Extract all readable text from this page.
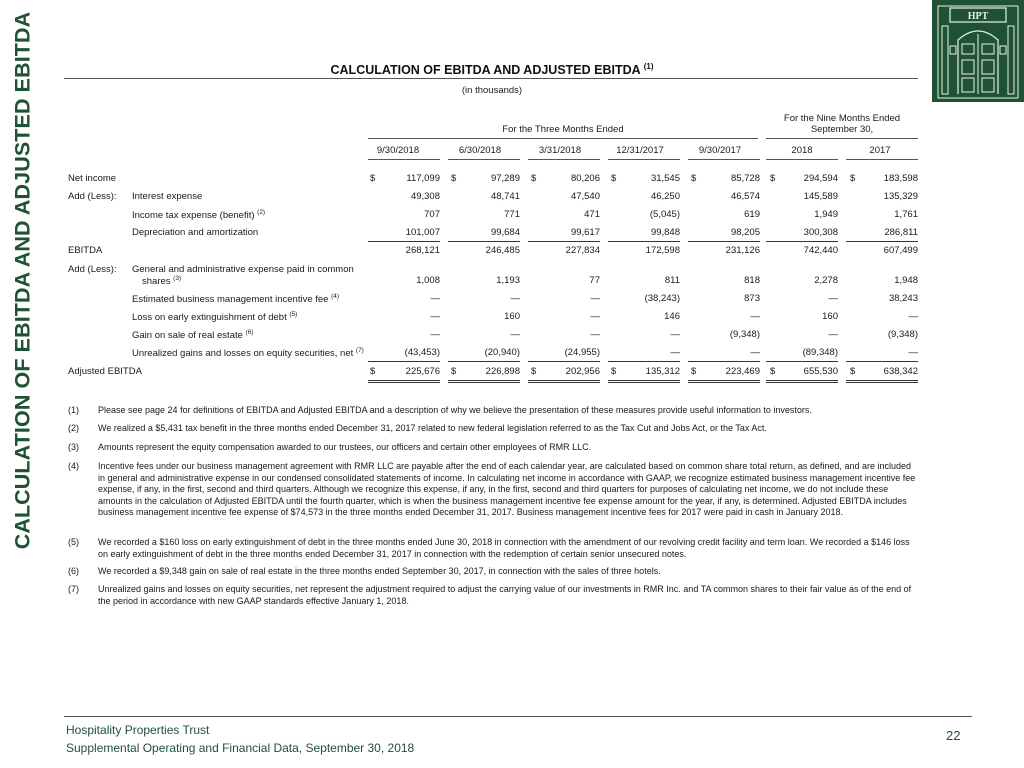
CALCULATION OF EBITDA AND ADJUSTED EBITDA	HPT
CALCULATION OF EBITDA AND ADJUSTED EBITDA $^{(1)}$
(in thousands)
For the Three Months Ended
For the Nine Months Ended
September 30,
9/30/2018	6/30/2018	3/31/2018	12/31/2017	9/30/2017	2018	2017
Net income	$	117,099 $	97,289 $	80,206 $	31,545 $	85,728 $	294,594 $	183,598
Add (Less): Interest expense	49,308	48,741	47,540	46,250	46,574	145,589	135,329
Income tax expense (benefit) $^{(2)}$	707	771	471	(5,045)	619	1,949	1,761
Depreciation and amortization	101,007	99,684	99,617	99,848	98,205	300,308	286,811
EBITDA	268,121	246,485	227,834	172,598	231,126	742,440	607,499
Add (Less): General and administrative expense paid in common
shares $^{(3)}$	1,008	1,193	77	811	818	2,278	1,948
Estimated business management incentive fee $^{(4)}$	—	—	—	(38,243)	873	—	38,243
Loss on early extinguishment of debt $^{(5)}$	—	160	—	146	—	160	—
Gain on sale of real estate $^{(6)}$	—	—	—	—	(9,348)	—	(9,348)
Unrealized gains and losses on equity securities, net $^{(7)}$	(43,453)	(20,940)	(24,955)	—	—	(89,348)	—
Adjusted EBITDA	$	225,676 $	226,898 $	202,956 $	135,312 $	223,469 $	655,530 $	638,342
(1) Please see page 24 for definitions of EBITDA and Adjusted EBITDA and a description of why we believe the presentation of these measures provide useful information to investors.
(2) We realized a $5,431 tax benefit in the three months ended December 31, 2017 related to new federal legislation referred to as the Tax Cut and Jobs Act, or the Tax Act.
(3) Amounts represent the equity compensation awarded to our trustees, our officers and certain other employees of RMR LLC.
(4) Incentive fees under our business management agreement with RMR LLC are payable after the end of each calendar year, are calculated based on common share total return, as defined, and are included in general and administrative expense in our condensed consolidated statements of income. In calculating net income in accordance with GAAP, we recognize estimated business management incentive fee expense, if any, in the first, second and third quarters. Although we recognize this expense, if any, in the first, second and third quarters for purposes of calculating net income, we do not include these amounts in the calculation of Adjusted EBITDA until the fourth quarter, which is when the business management incentive fee expense amount for the year, if any, is determined. Adjusted EBITDA includes business management incentive fee expense of $74,573 in the three months ended December 31, 2017. Business management incentive fees for 2017 were paid in cash in January 2018.
(5) We recorded a $160 loss on early extinguishment of debt in the three months ended June 30, 2018 in connection with the amendment of our revolving credit facility and term loan. We recorded a $146 loss on early extinguishment of debt in the three months ended December 31, 2017 in connection with the redemption of certain senior unsecured notes.
(6) We recorded a $9,348 gain on sale of real estate in the three months ended September 30, 2017, in connection with the sales of three hotels.
(7) Unrealized gains and losses on equity securities, net represent the adjustment required to adjust the carrying value of our investments in RMR Inc. and TA common shares to their fair value as of the end of the period in accordance with new GAAP standards effective January 1, 2018.
Hospitality Properties Trust
Supplemental Operating and Financial Data, September 30, 2018
22
